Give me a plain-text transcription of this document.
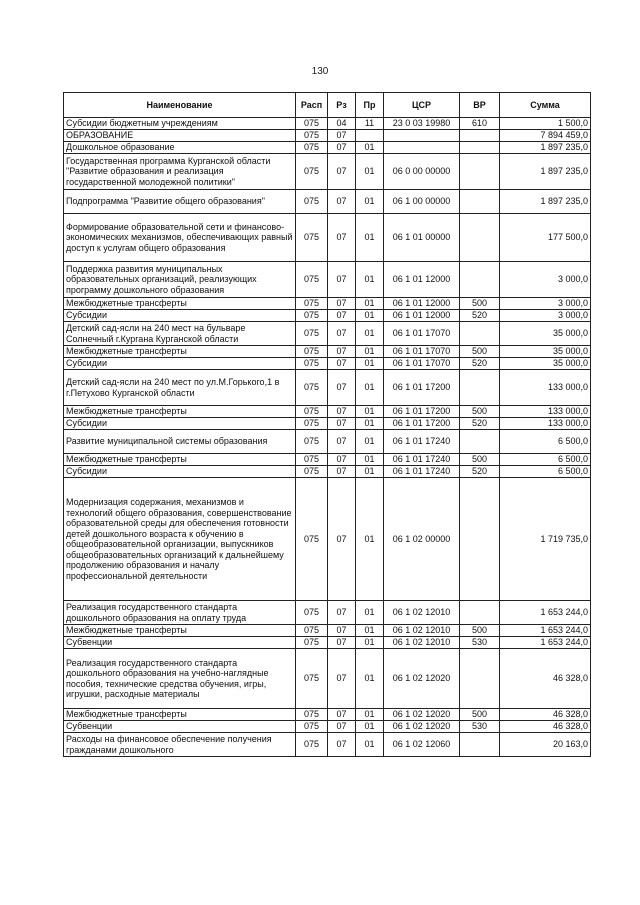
130
Наименование	Расп	Рз	Пр	ЦСР	ВР	Сумма
Субсидии бюджетным учреждениям	075	04	11	23 0 03 19980	610	1 500,0
ОБРАЗОВАНИЕ	075	07				7 894 459,0
Дошкольное образование	075	07	01			1 897 235,0
Государственная программа Курганской области "Развитие образования и реализация государственной молодежной политики"	075	07	01	06 0 00 00000		1 897 235,0
Подпрограмма "Развитие общего образования"	075	07	01	06 1 00 00000		1 897 235,0
Формирование образовательной сети и финансово-экономических механизмов, обеспечивающих равный доступ к услугам общего образования	075	07	01	06 1 01 00000		177 500,0
Поддержка развития муниципальных образовательных организаций, реализующих программу дошкольного образования	075	07	01	06 1 01 12000		3 000,0
Межбюджетные трансферты	075	07	01	06 1 01 12000	500	3 000,0
Субсидии	075	07	01	06 1 01 12000	520	3 000,0
Детский сад-ясли на 240 мест на бульваре Солнечный г.Кургана Курганской области	075	07	01	06 1 01 17070		35 000,0
Межбюджетные трансферты	075	07	01	06 1 01 17070	500	35 000,0
Субсидии	075	07	01	06 1 01 17070	520	35 000,0
Детский сад-ясли на 240 мест по ул.М.Горького,1 в г.Петухово Курганской области	075	07	01	06 1 01 17200		133 000,0
Межбюджетные трансферты	075	07	01	06 1 01 17200	500	133 000,0
Субсидии	075	07	01	06 1 01 17200	520	133 000,0
Развитие муниципальной системы образования	075	07	01	06 1 01 17240		6 500,0
Межбюджетные трансферты	075	07	01	06 1 01 17240	500	6 500,0
Субсидии	075	07	01	06 1 01 17240	520	6 500,0
Модернизация содержания, механизмов и технологий общего образования, совершенствование образовательной среды для обеспечения готовности детей дошкольного возраста к обучению в общеобразовательной организации, выпускников общеобразовательных организаций к дальнейшему продолжению образования и началу профессиональной деятельности	075	07	01	06 1 02 00000		1 719 735,0
Реализация государственного стандарта дошкольного образования на оплату труда	075	07	01	06 1 02 12010		1 653 244,0
Межбюджетные трансферты	075	07	01	06 1 02 12010	500	1 653 244,0
Субвенции	075	07	01	06 1 02 12010	530	1 653 244,0
Реализация государственного стандарта дошкольного образования на учебно-наглядные пособия, технические средства обучения, игры, игрушки, расходные материалы	075	07	01	06 1 02 12020		46 328,0
Межбюджетные трансферты	075	07	01	06 1 02 12020	500	46 328,0
Субвенции	075	07	01	06 1 02 12020	530	46 328,0
Расходы на финансовое обеспечение получения гражданами дошкольного	075	07	01	06 1 02 12060		20 163,0
